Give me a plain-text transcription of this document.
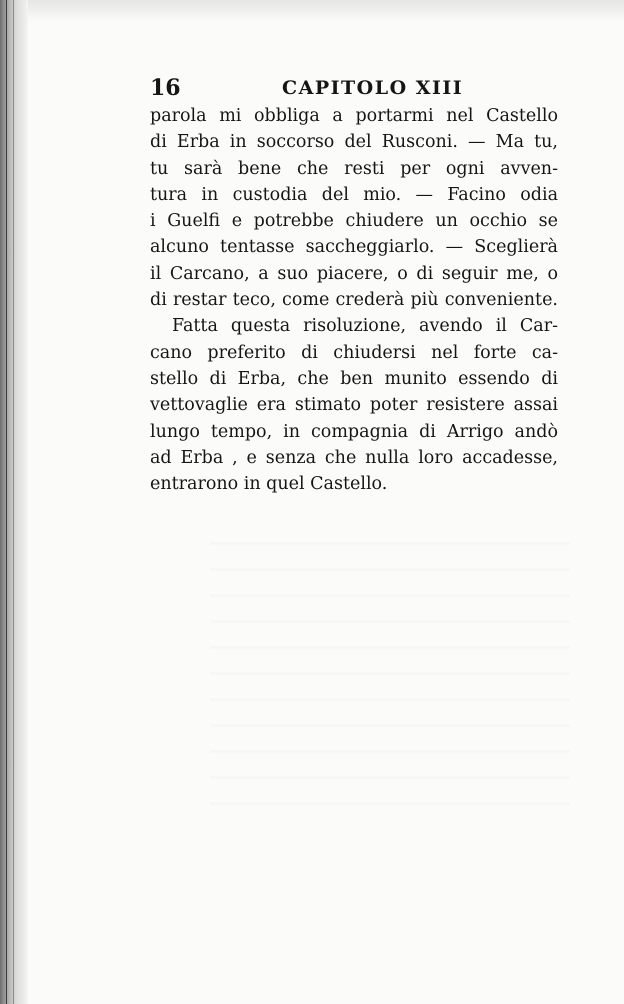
16	CAPITOLO XIII
parola mi obbliga a portarmi nel Castello
di Erba in soccorso del Rusconi. — Ma tu,
tu sarà bene che resti per ogni avven-
tura in custodia del mio. — Facino odia
i Guelfi e potrebbe chiudere un occhio se
alcuno tentasse saccheggiarlo. — Sceglierà
il Carcano, a suo piacere, o di seguir me, o
di restar teco, come crederà più conveniente.
Fatta questa risoluzione, avendo il Car-
cano preferito di chiudersi nel forte ca-
stello di Erba, che ben munito essendo di
vettovaglie era stimato poter resistere assai
lungo tempo, in compagnia di Arrigo andò
ad Erba , e senza che nulla loro accadesse,
entrarono in quel Castello.
